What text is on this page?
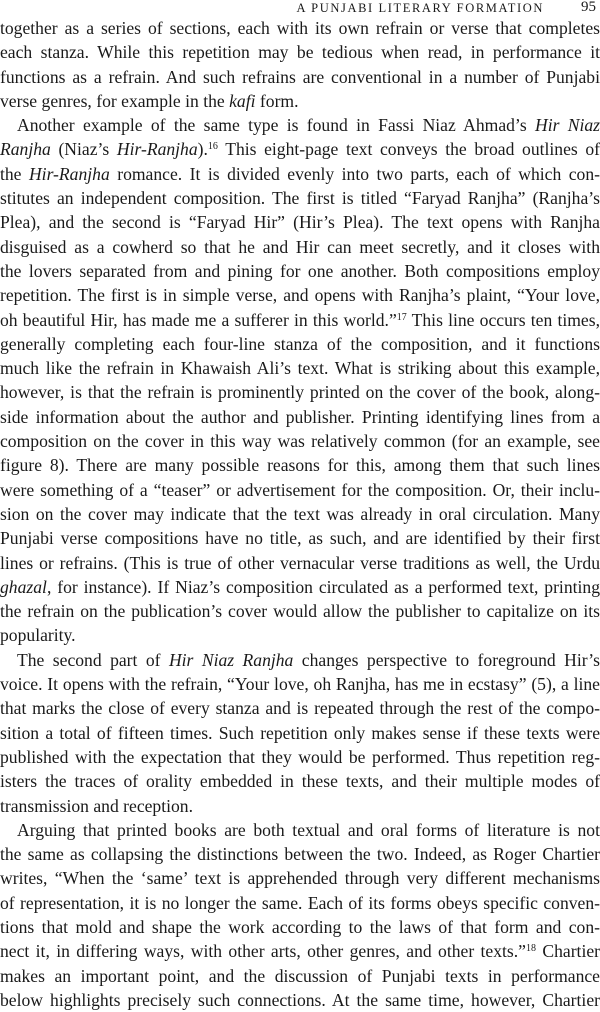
A PUNJABI LITERARY FORMATION 95
together as a series of sections, each with its own refrain or verse that completes
each stanza. While this repetition may be tedious when read, in performance it
functions as a refrain. And such refrains are conventional in a number of Punjabi
verse genres, for example in the kafi form.
Another example of the same type is found in Fassi Niaz Ahmad’s Hir Niaz
Ranjha (Niaz’s Hir-Ranjha).$^{16}$ This eight-page text conveys the broad outlines of
the Hir-Ranjha romance. It is divided evenly into two parts, each of which con-
stitutes an independent composition. The first is titled “Faryad Ranjha” (Ranjha’s
Plea), and the second is “Faryad Hir” (Hir’s Plea). The text opens with Ranjha
disguised as a cowherd so that he and Hir can meet secretly, and it closes with
the lovers separated from and pining for one another. Both compositions employ
repetition. The first is in simple verse, and opens with Ranjha’s plaint, “Your love,
oh beautiful Hir, has made me a sufferer in this world.”$^{17}$ This line occurs ten times,
generally completing each four-line stanza of the composition, and it functions
much like the refrain in Khawaish Ali’s text. What is striking about this example,
however, is that the refrain is prominently printed on the cover of the book, along-
side information about the author and publisher. Printing identifying lines from a
composition on the cover in this way was relatively common (for an example, see
figure 8). There are many possible reasons for this, among them that such lines
were something of a “teaser” or advertisement for the composition. Or, their inclu-
sion on the cover may indicate that the text was already in oral circulation. Many
Punjabi verse compositions have no title, as such, and are identified by their first
lines or refrains. (This is true of other vernacular verse traditions as well, the Urdu
ghazal, for instance). If Niaz’s composition circulated as a performed text, printing
the refrain on the publication’s cover would allow the publisher to capitalize on its
popularity.
The second part of Hir Niaz Ranjha changes perspective to foreground Hir’s
voice. It opens with the refrain, “Your love, oh Ranjha, has me in ecstasy” (5), a line
that marks the close of every stanza and is repeated through the rest of the compo-
sition a total of fifteen times. Such repetition only makes sense if these texts were
published with the expectation that they would be performed. Thus repetition reg-
isters the traces of orality embedded in these texts, and their multiple modes of
transmission and reception.
Arguing that printed books are both textual and oral forms of literature is not
the same as collapsing the distinctions between the two. Indeed, as Roger Chartier
writes, “When the ‘same’ text is apprehended through very different mechanisms
of representation, it is no longer the same. Each of its forms obeys specific conven-
tions that mold and shape the work according to the laws of that form and con-
nect it, in differing ways, with other arts, other genres, and other texts.”$^{18}$ Chartier
makes an important point, and the discussion of Punjabi texts in performance
below highlights precisely such connections. At the same time, however, Chartier
